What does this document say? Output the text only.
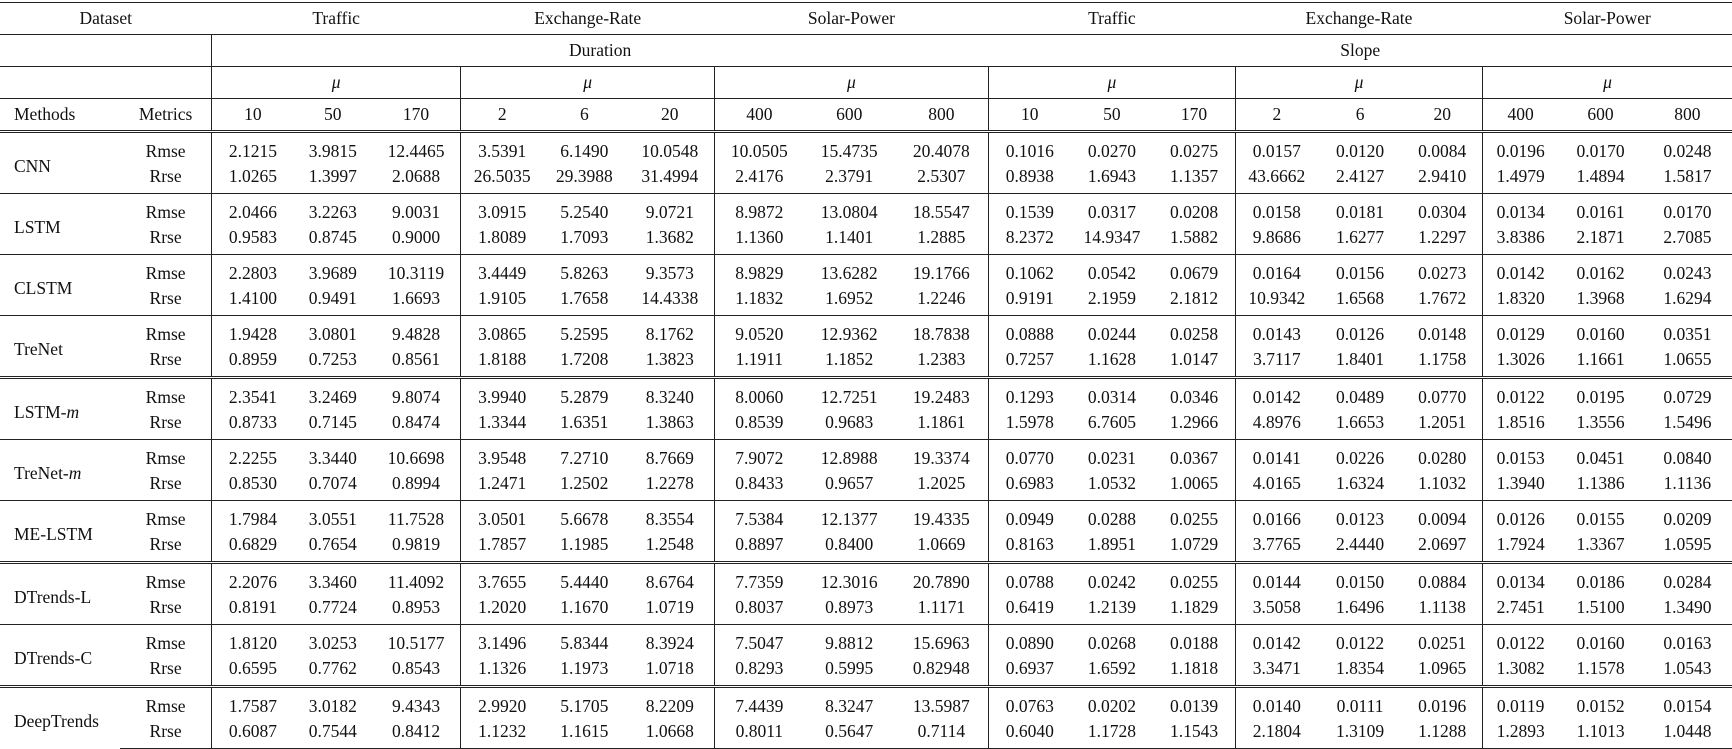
Dataset		Traffic			Exchange-Rate			Solar-Power			Traffic			Exchange-Rate			Solar-Power		
		Duration									Slope								
		μ			μ			μ			μ			μ			μ		
Methods	Metrics	10	50	170	2	6	20	400	600	800	10	50	170	2	6	20	400	600	800
CNN	Rmse	2.1215	3.9815	12.4465	3.5391	6.1490	10.0548	10.0505	15.4735	20.4078	0.1016	0.0270	0.0275	0.0157	0.0120	0.0084	0.0196	0.0170	0.0248
	Rrse	1.0265	1.3997	2.0688	26.5035	29.3988	31.4994	2.4176	2.3791	2.5307	0.8938	1.6943	1.1357	43.6662	2.4127	2.9410	1.4979	1.4894	1.5817
LSTM	Rmse	2.0466	3.2263	9.0031	3.0915	5.2540	9.0721	8.9872	13.0804	18.5547	0.1539	0.0317	0.0208	0.0158	0.0181	0.0304	0.0134	0.0161	0.0170
	Rrse	0.9583	0.8745	0.9000	1.8089	1.7093	1.3682	1.1360	1.1401	1.2885	8.2372	14.9347	1.5882	9.8686	1.6277	1.2297	3.8386	2.1871	2.7085
CLSTM	Rmse	2.2803	3.9689	10.3119	3.4449	5.8263	9.3573	8.9829	13.6282	19.1766	0.1062	0.0542	0.0679	0.0164	0.0156	0.0273	0.0142	0.0162	0.0243
	Rrse	1.4100	0.9491	1.6693	1.9105	1.7658	14.4338	1.1832	1.6952	1.2246	0.9191	2.1959	2.1812	10.9342	1.6568	1.7672	1.8320	1.3968	1.6294
TreNet	Rmse	1.9428	3.0801	9.4828	3.0865	5.2595	8.1762	9.0520	12.9362	18.7838	0.0888	0.0244	0.0258	0.0143	0.0126	0.0148	0.0129	0.0160	0.0351
	Rrse	0.8959	0.7253	0.8561	1.8188	1.7208	1.3823	1.1911	1.1852	1.2383	0.7257	1.1628	1.0147	3.7117	1.8401	1.1758	1.3026	1.1661	1.0655
LSTM-m	Rmse	2.3541	3.2469	9.8074	3.9940	5.2879	8.3240	8.0060	12.7251	19.2483	0.1293	0.0314	0.0346	0.0142	0.0489	0.0770	0.0122	0.0195	0.0729
	Rrse	0.8733	0.7145	0.8474	1.3344	1.6351	1.3863	0.8539	0.9683	1.1861	1.5978	6.7605	1.2966	4.8976	1.6653	1.2051	1.8516	1.3556	1.5496
TreNet-m	Rmse	2.2255	3.3440	10.6698	3.9548	7.2710	8.7669	7.9072	12.8988	19.3374	0.0770	0.0231	0.0367	0.0141	0.0226	0.0280	0.0153	0.0451	0.0840
	Rrse	0.8530	0.7074	0.8994	1.2471	1.2502	1.2278	0.8433	0.9657	1.2025	0.6983	1.0532	1.0065	4.0165	1.6324	1.1032	1.3940	1.1386	1.1136
ME-LSTM	Rmse	1.7984	3.0551	11.7528	3.0501	5.6678	8.3554	7.5384	12.1377	19.4335	0.0949	0.0288	0.0255	0.0166	0.0123	0.0094	0.0126	0.0155	0.0209
	Rrse	0.6829	0.7654	0.9819	1.7857	1.1985	1.2548	0.8897	0.8400	1.0669	0.8163	1.8951	1.0729	3.7765	2.4440	2.0697	1.7924	1.3367	1.0595
DTrends-L	Rmse	2.2076	3.3460	11.4092	3.7655	5.4440	8.6764	7.7359	12.3016	20.7890	0.0788	0.0242	0.0255	0.0144	0.0150	0.0884	0.0134	0.0186	0.0284
	Rrse	0.8191	0.7724	0.8953	1.2020	1.1670	1.0719	0.8037	0.8973	1.1171	0.6419	1.2139	1.1829	3.5058	1.6496	1.1138	2.7451	1.5100	1.3490
DTrends-C	Rmse	1.8120	3.0253	10.5177	3.1496	5.8344	8.3924	7.5047	9.8812	15.6963	0.0890	0.0268	0.0188	0.0142	0.0122	0.0251	0.0122	0.0160	0.0163
	Rrse	0.6595	0.7762	0.8543	1.1326	1.1973	1.0718	0.8293	0.5995	0.82948	0.6937	1.6592	1.1818	3.3471	1.8354	1.0965	1.3082	1.1578	1.0543
DeepTrends	Rmse	1.7587	3.0182	9.4343	2.9920	5.1705	8.2209	7.4439	8.3247	13.5987	0.0763	0.0202	0.0139	0.0140	0.0111	0.0196	0.0119	0.0152	0.0154
	Rrse	0.6087	0.7544	0.8412	1.1232	1.1615	1.0668	0.8011	0.5647	0.7114	0.6040	1.1728	1.1543	2.1804	1.3109	1.1288	1.2893	1.1013	1.0448
